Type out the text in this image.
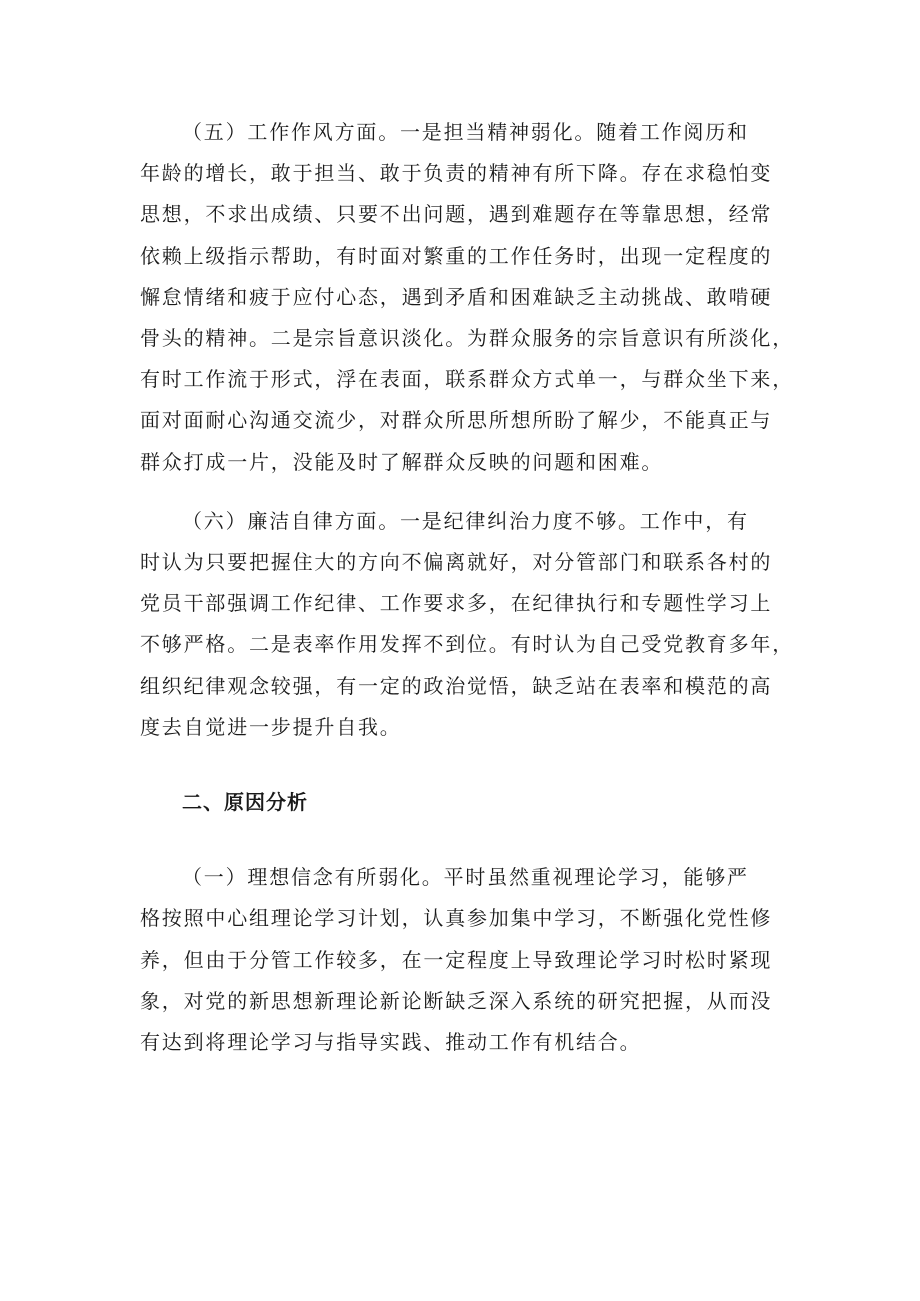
（五）工作作风方面。一是担当精神弱化。随着工作阅历和
年龄的增长，敢于担当、敢于负责的精神有所下降。存在求稳怕变
思想，不求出成绩、只要不出问题，遇到难题存在等靠思想，经常
依赖上级指示帮助，有时面对繁重的工作任务时，出现一定程度的
懈怠情绪和疲于应付心态，遇到矛盾和困难缺乏主动挑战、敢啃硬
骨头的精神。二是宗旨意识淡化。为群众服务的宗旨意识有所淡化，
有时工作流于形式，浮在表面，联系群众方式单一，与群众坐下来，
面对面耐心沟通交流少，对群众所思所想所盼了解少，不能真正与
群众打成一片，没能及时了解群众反映的问题和困难。
（六）廉洁自律方面。一是纪律纠治力度不够。工作中，有
时认为只要把握住大的方向不偏离就好，对分管部门和联系各村的
党员干部强调工作纪律、工作要求多，在纪律执行和专题性学习上
不够严格。二是表率作用发挥不到位。有时认为自己受党教育多年，
组织纪律观念较强，有一定的政治觉悟，缺乏站在表率和模范的高
度去自觉进一步提升自我。
二、原因分析
（一）理想信念有所弱化。平时虽然重视理论学习，能够严
格按照中心组理论学习计划，认真参加集中学习，不断强化党性修
养，但由于分管工作较多，在一定程度上导致理论学习时松时紧现
象，对党的新思想新理论新论断缺乏深入系统的研究把握，从而没
有达到将理论学习与指导实践、推动工作有机结合。
